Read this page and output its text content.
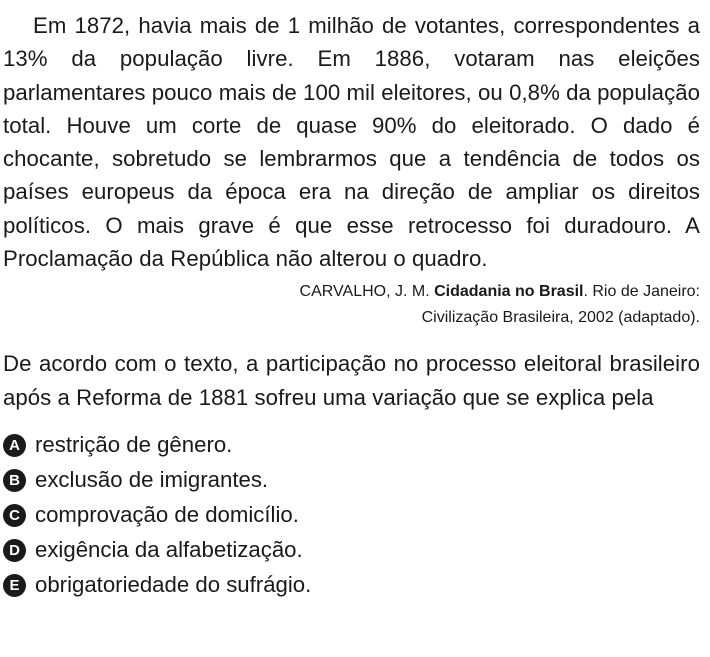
Em 1872, havia mais de 1 milhão de votantes, correspondentes a 13% da população livre. Em 1886, votaram nas eleições parlamentares pouco mais de 100 mil eleitores, ou 0,8% da população total. Houve um corte de quase 90% do eleitorado. O dado é chocante, sobretudo se lembrarmos que a tendência de todos os países europeus da época era na direção de ampliar os direitos políticos. O mais grave é que esse retrocesso foi duradouro. A Proclamação da República não alterou o quadro.

CARVALHO, J. M. Cidadania no Brasil. Rio de Janeiro:
Civilização Brasileira, 2002 (adaptado).

De acordo com o texto, a participação no processo eleitoral brasileiro após a Reforma de 1881 sofreu uma variação que se explica pela

A restrição de gênero.
B exclusão de imigrantes.
C comprovação de domicílio.
D exigência da alfabetização.
E obrigatoriedade do sufrágio.
